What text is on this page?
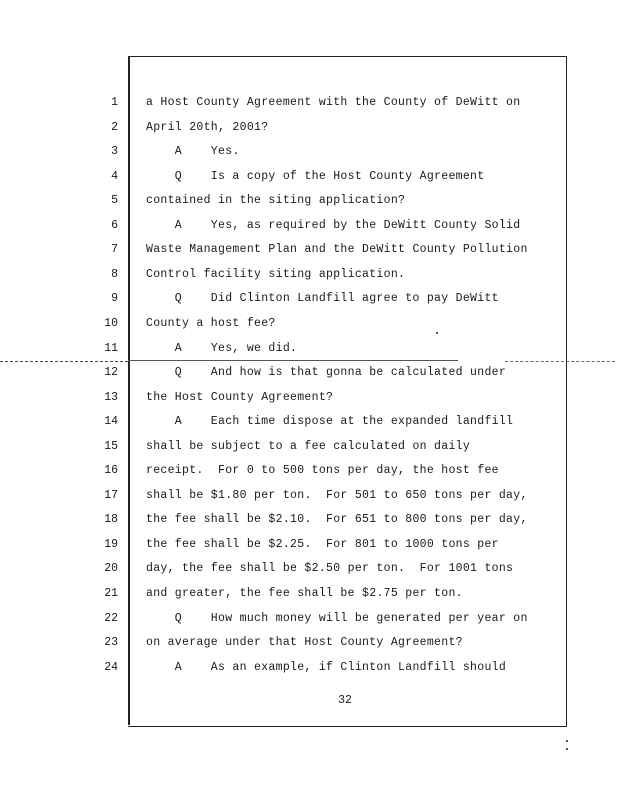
1 a Host County Agreement with the County of DeWitt on
2 April 20th, 2001?
3 A    Yes.
4 Q    Is a copy of the Host County Agreement
5 contained in the siting application?
6 A    Yes, as required by the DeWitt County Solid
7 Waste Management Plan and the DeWitt County Pollution
8 Control facility siting application.
9 Q    Did Clinton Landfill agree to pay DeWitt
10 County a host fee?
11 A    Yes, we did.
12 Q    And how is that gonna be calculated under
13 the Host County Agreement?
14 A    Each time dispose at the expanded landfill
15 shall be subject to a fee calculated on daily
16 receipt.  For 0 to 500 tons per day, the host fee
17 shall be $1.80 per ton.  For 501 to 650 tons per day,
18 the fee shall be $2.10.  For 651 to 800 tons per day,
19 the fee shall be $2.25.  For 801 to 1000 tons per
20 day, the fee shall be $2.50 per ton.  For 1001 tons
21 and greater, the fee shall be $2.75 per ton.
22 Q    How much money will be generated per year on
23 on average under that Host County Agreement?
24 A    As an example, if Clinton Landfill should
32
